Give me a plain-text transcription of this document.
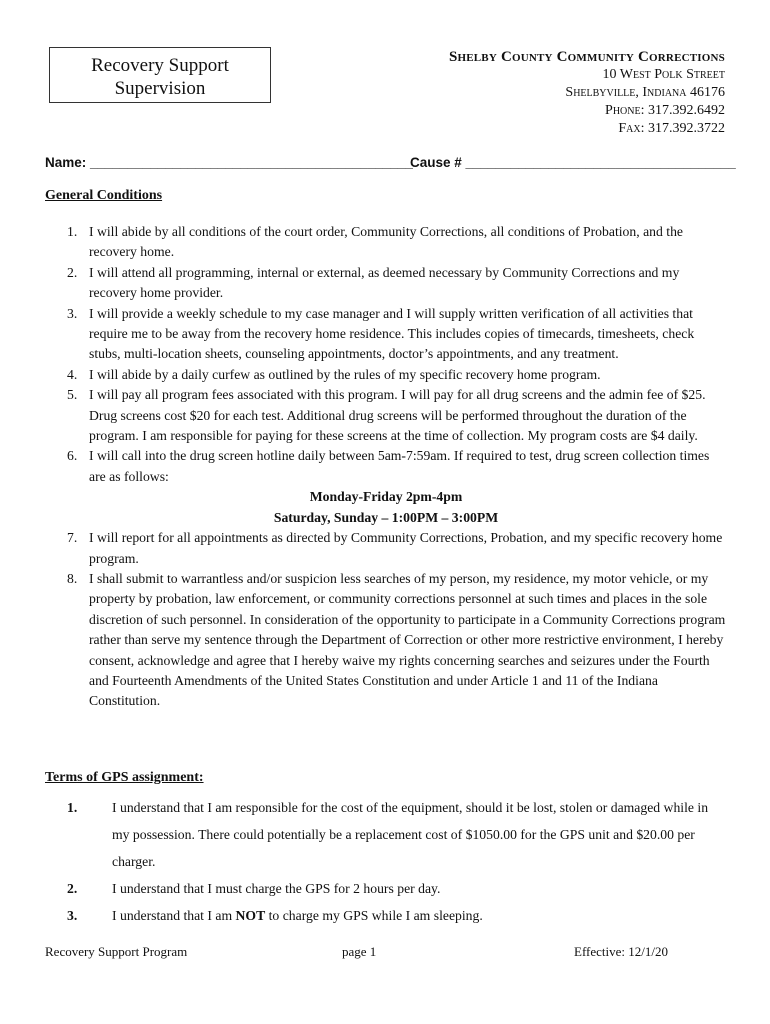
Recovery Support
Supervision
Shelby County Community Corrections
10 West Polk Street
Shelbyville, Indiana 46176
Phone: 317.392.6492
Fax: 317.392.3722
Name: ___________________________________________
Cause # ____________________________________
General Conditions
1. I will abide by all conditions of the court order, Community Corrections, all conditions of Probation, and the recovery home.
2. I will attend all programming, internal or external, as deemed necessary by Community Corrections and my recovery home provider.
3. I will provide a weekly schedule to my case manager and I will supply written verification of all activities that require me to be away from the recovery home residence. This includes copies of timecards, timesheets, check stubs, multi-location sheets, counseling appointments, doctor’s appointments, and any treatment.
4. I will abide by a daily curfew as outlined by the rules of my specific recovery home program.
5. I will pay all program fees associated with this program. I will pay for all drug screens and the admin fee of $25. Drug screens cost $20 for each test. Additional drug screens will be performed throughout the duration of the program. I am responsible for paying for these screens at the time of collection. My program costs are $4 daily.
6. I will call into the drug screen hotline daily between 5am-7:59am. If required to test, drug screen collection times are as follows:
Monday-Friday 2pm-4pm
Saturday, Sunday – 1:00PM – 3:00PM
7. I will report for all appointments as directed by Community Corrections, Probation, and my specific recovery home program.
8. I shall submit to warrantless and/or suspicion less searches of my person, my residence, my motor vehicle, or my property by probation, law enforcement, or community corrections personnel at such times and places in the sole discretion of such personnel. In consideration of the opportunity to participate in a Community Corrections program rather than serve my sentence through the Department of Correction or other more restrictive environment, I hereby consent, acknowledge and agree that I hereby waive my rights concerning searches and seizures under the Fourth and Fourteenth Amendments of the United States Constitution and under Article 1 and 11 of the Indiana Constitution.
Terms of GPS assignment:
1.	I understand that I am responsible for the cost of the equipment, should it be lost, stolen or damaged while in my possession. There could potentially be a replacement cost of $1050.00 for the GPS unit and $20.00 per charger.
2.	I understand that I must charge the GPS for 2 hours per day.
3.	I understand that I am NOT to charge my GPS while I am sleeping.
Recovery Support Program	page 1	Effective: 12/1/20
